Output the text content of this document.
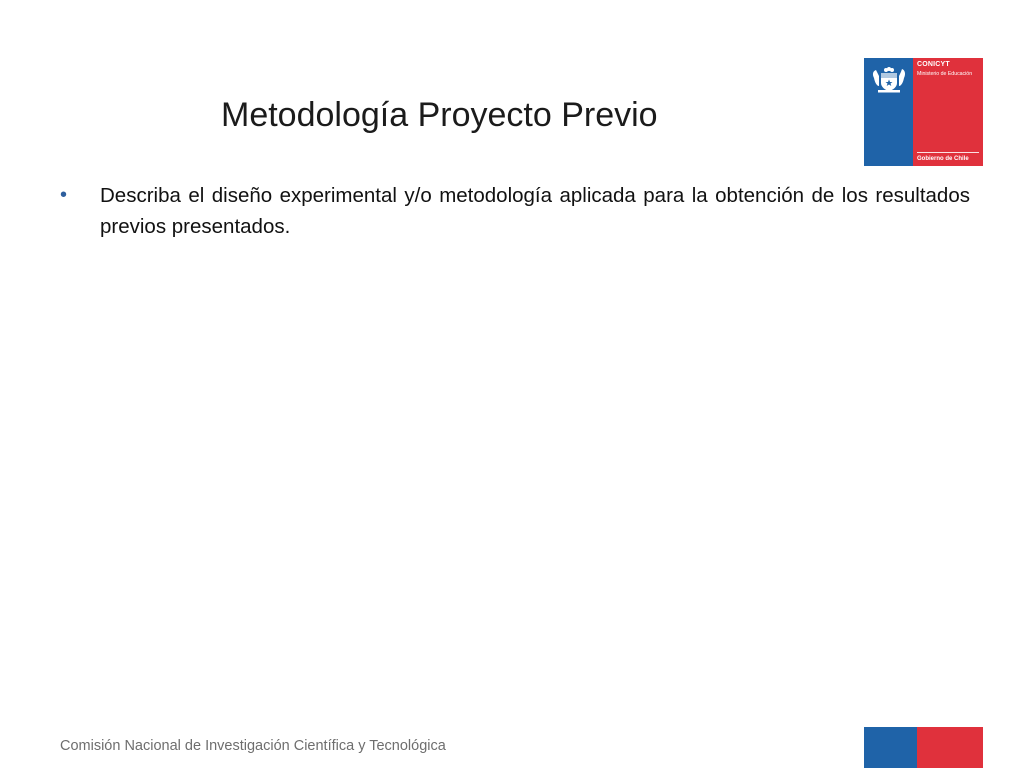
Metodología Proyecto Previo
•	Describa el diseño experimental y/o metodología aplicada para la obtención de los resultados previos presentados.
CONICYT
Ministerio de Educación
Gobierno de Chile
Comisión Nacional de Investigación Científica y Tecnológica
